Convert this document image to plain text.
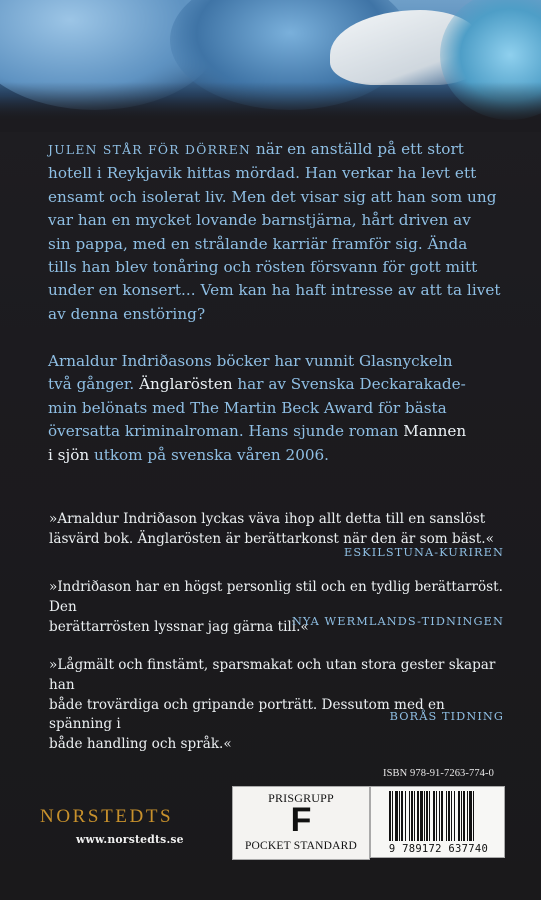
JULEN STÅR FÖR DÖRREN när en anställd på ett stort
hotell i Reykjavik hittas mördad. Han verkar ha levt ett
ensamt och isolerat liv. Men det visar sig att han som ung
var han en mycket lovande barnstjärna, hårt driven av
sin pappa, med en strålande karriär framför sig. Ända
tills han blev tonåring och rösten försvann för gott mitt
under en konsert... Vem kan ha haft intresse av att ta livet
av denna enstöring?

Arnaldur Indriðasons böcker har vunnit Glasnyckeln
två gånger. Änglarösten har av Svenska Deckarakade-
min belönats med The Martin Beck Award för bästa
översatta kriminalroman. Hans sjunde roman Mannen
i sjön utkom på svenska våren 2006.

»Arnaldur Indriðason lyckas väva ihop allt detta till en sanslöst
läsvärd bok. Änglarösten är berättarkonst när den är som bäst.«

ESKILSTUNA-KURIREN

»Indriðason har en högst personlig stil och en tydlig berättarröst. Den
berättarrösten lyssnar jag gärna till.«

NYA WERMLANDS-TIDNINGEN

»Lågmält och finstämt, sparsmakat och utan stora gester skapar han
både trovärdiga och gripande porträtt. Dessutom med en spänning i
både handling och språk.«

BORÅS TIDNING
ISBN 978-91-7263-774-0
PRISGRUPP
F
POCKET STANDARD	9 789172 637740
NORSTEDTS
www.norstedts.se
